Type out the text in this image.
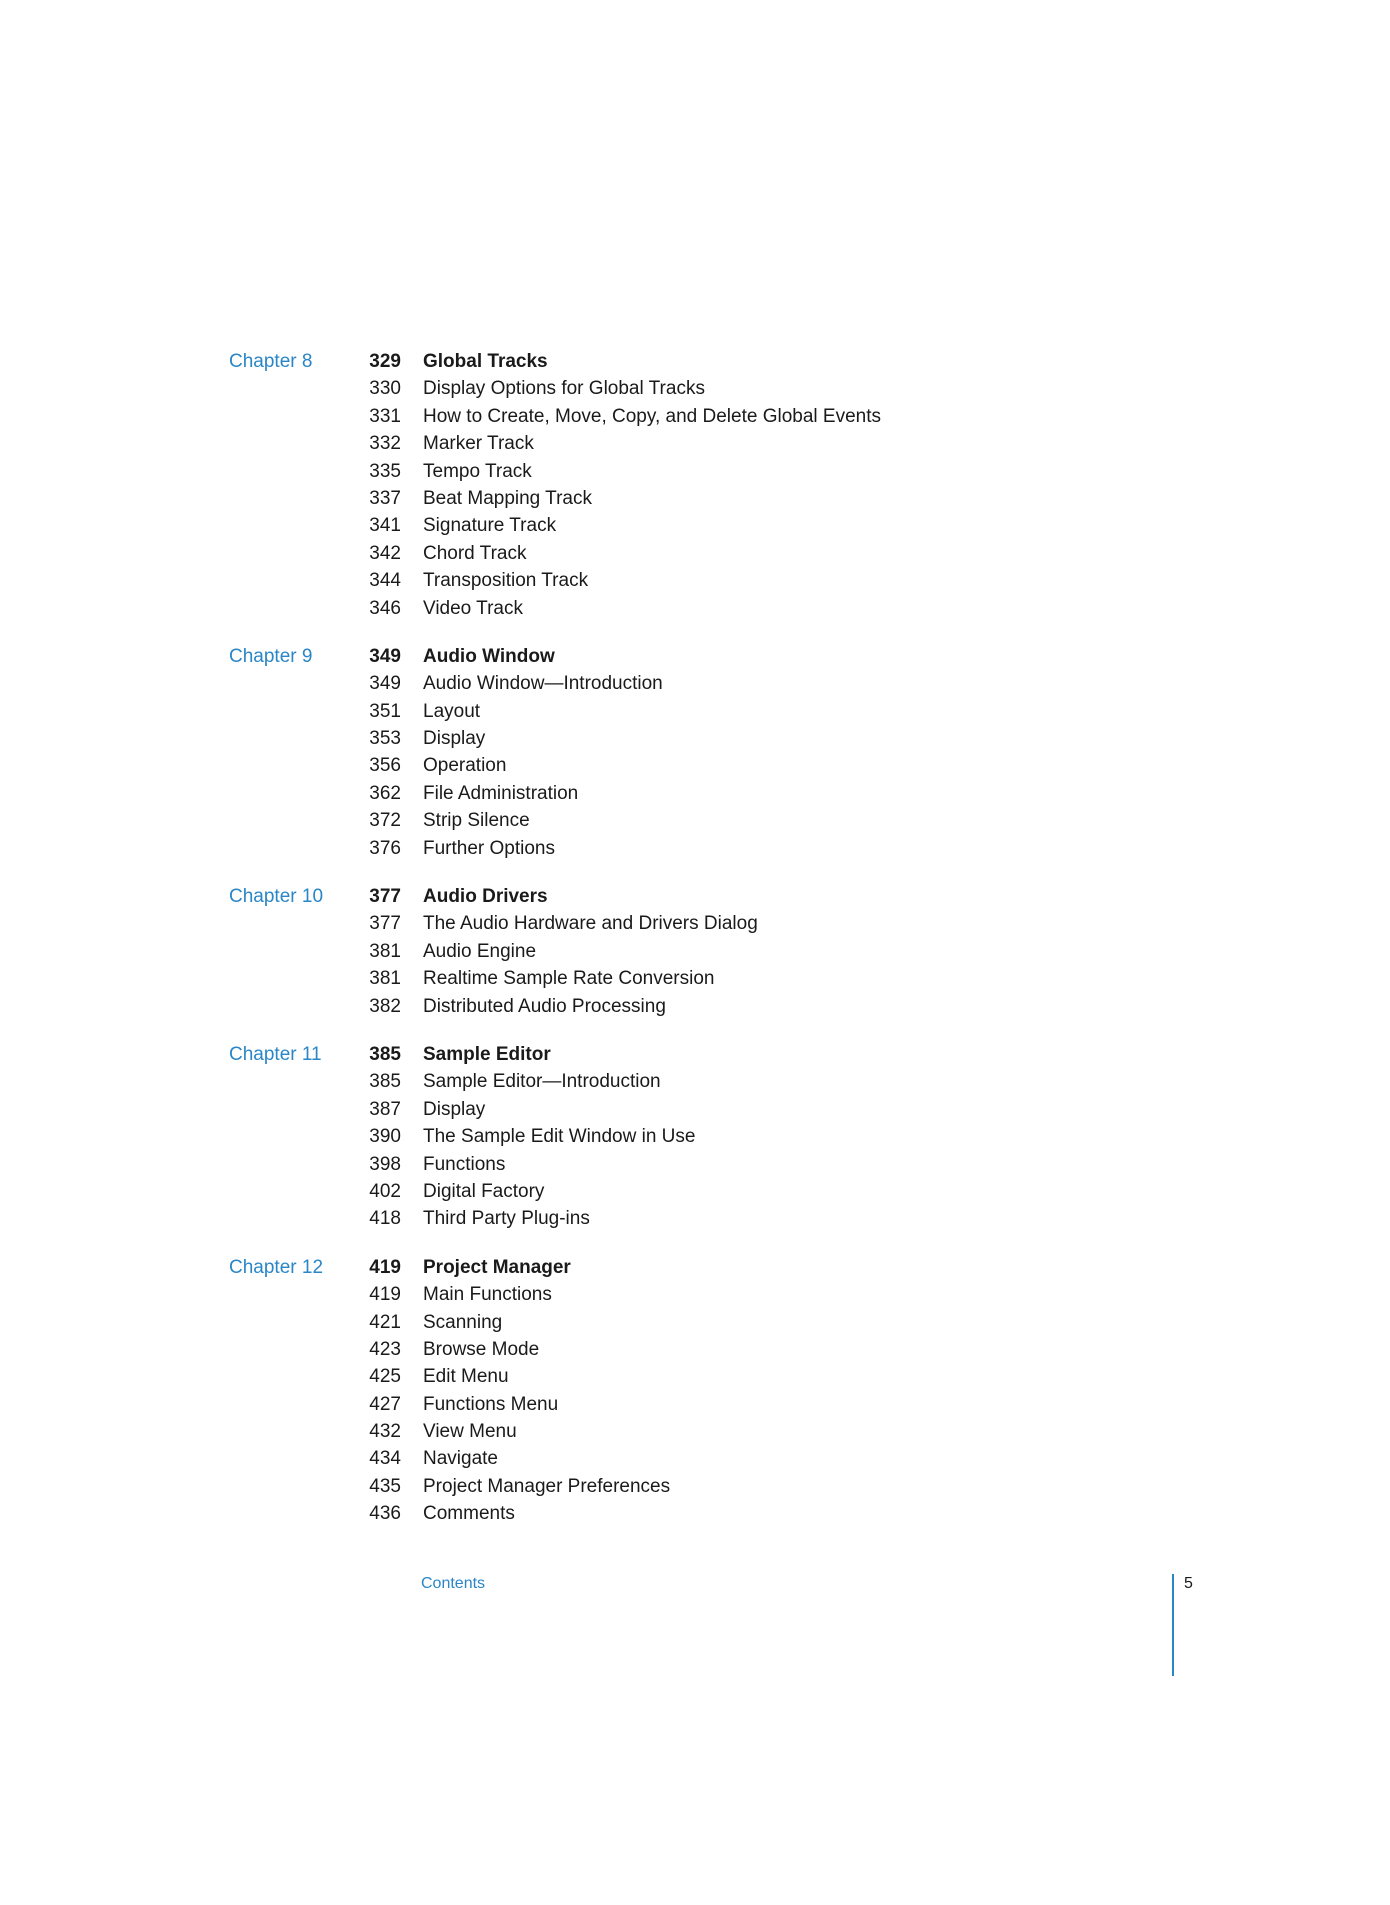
Chapter 8	329 Global Tracks
330 Display Options for Global Tracks
331 How to Create, Move, Copy, and Delete Global Events
332 Marker Track
335 Tempo Track
337 Beat Mapping Track
341 Signature Track
342 Chord Track
344 Transposition Track
346 Video Track
Chapter 9	349 Audio Window
349 Audio Window—Introduction
351 Layout
353 Display
356 Operation
362 File Administration
372 Strip Silence
376 Further Options
Chapter 10 377 Audio Drivers
377 The Audio Hardware and Drivers Dialog
381 Audio Engine
381 Realtime Sample Rate Conversion
382 Distributed Audio Processing
Chapter 11	385 Sample Editor
385 Sample Editor—Introduction
387 Display
390 The Sample Edit Window in Use
398 Functions
402 Digital Factory
418 Third Party Plug-ins
Chapter 12 419 Project Manager
419 Main Functions
421 Scanning
423 Browse Mode
425 Edit Menu
427 Functions Menu
432 View Menu
434 Navigate
435 Project Manager Preferences
436 Comments
Contents	5
